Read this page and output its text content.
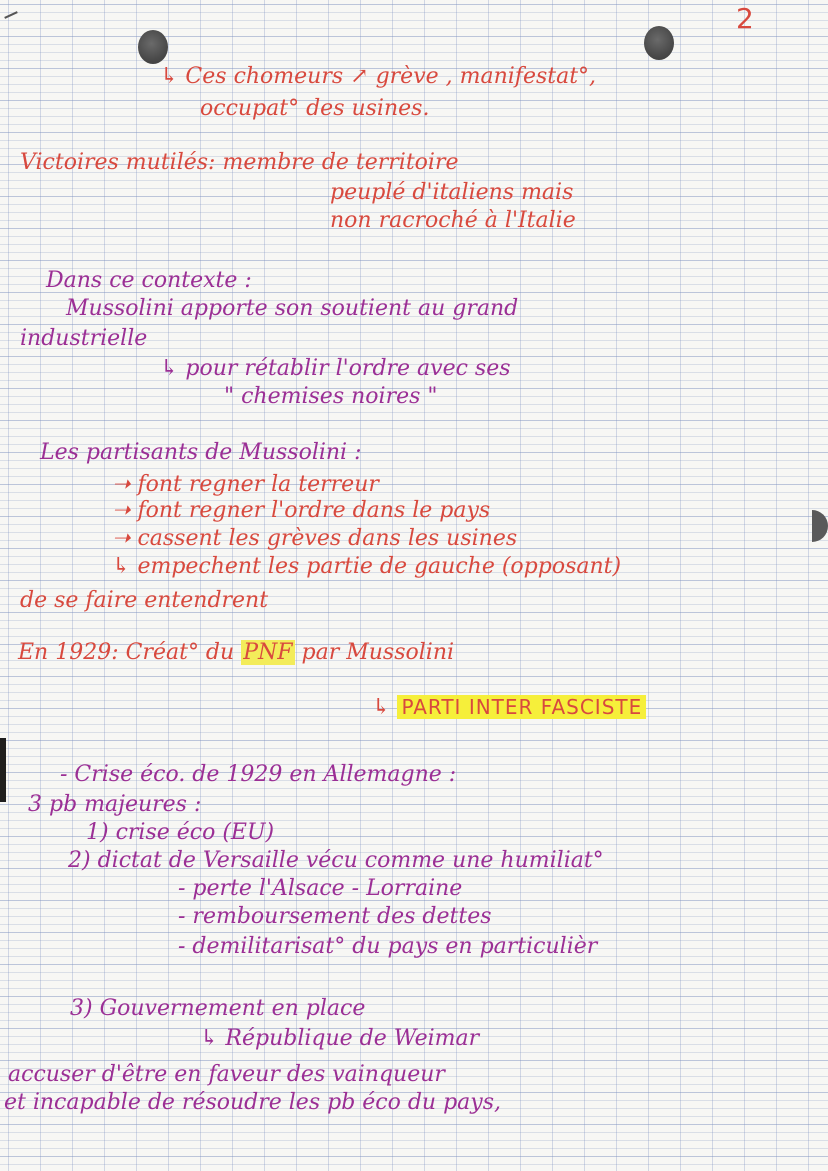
2
↳ Ces chomeurs ↗ grève , manifestat°,
occupat° des usines.
Victoires mutilés: membre de territoire
peuplé d'italiens mais
non racroché à l'Italie
Dans ce contexte :
Mussolini apporte son soutient au grand
industrielle
↳ pour rétablir l'ordre avec ses
" chemises noires "
Les partisants de Mussolini :
➝ font regner la terreur
➝ font regner l'ordre dans le pays
➝ cassent les grèves dans les usines
↳ empechent les partie de gauche (opposant)
de se faire entendrent
En 1929: Créat° du PNF par Mussolini
↳ PARTI INTER FASCISTE
- Crise éco. de 1929 en Allemagne :
3 pb majeures :
1) crise éco (EU)
2) dictat de Versaille vécu comme une humiliat°
- perte l'Alsace - Lorraine
- remboursement des dettes
- demilitarisat° du pays en particulièr
3) Gouvernement en place
↳ République de Weimar
accuser d'être en faveur des vainqueur
et incapable de résoudre les pb éco du pays,
